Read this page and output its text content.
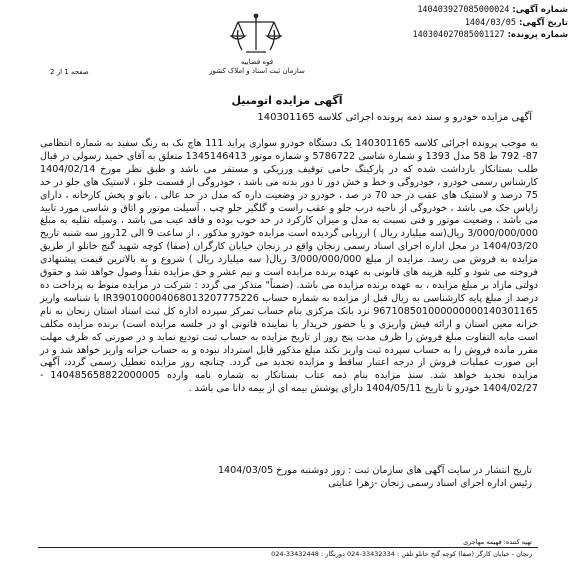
شماره آگهی: 140403927085000024
تاریخ آگهی: 1404/03/05
شماره پرونده: 140304027085001127
قوه قضاییه
سازمان ثبت اسناد و املاک کشور
صفحه 1 از 2
آگهی مزایده اتومبیل
آگهی مزایده خودرو و سند ذمه پرونده اجرائی کلاسه 140301165

به موجب پرونده اجرائی کلاسه 140301165 یک دستگاه خودرو سواری پراید 111 هاچ بک به رنگ سفید به شماره انتظامی 87- 792 ط 58 مدل 1393 و شماره شاسی 5786722 و شماره موتور 1345146413 متعلق به آقای حمید رسولی در قبال طلب بستانکار بازداشت شده که در پارکینگ حامی توقیف ورزیکی و مستقر می باشد و طبق نظر مورخ 1404/02/14 کارشناس رسمی خودرو ، خودروگی و خط و خش دور تا دور بدنه می باشد ، خودروگی از قسمت جلو ، لاستیک های جلو در حد 75 درصد و لاستیک های عقب در حد 70 در صد ، خودرو در وضعیت داره که مدل در حد عالی ، باتو و پخش کارخانه ، دارای زاپاس جک می باشد ، خودروگی از ناحیه درب جلو و عقب راست و گلگیر جلو چپ ، آسیلت موتور و اتاق و شاسی مورد تایید می باشد ، وضعیت موتور و فنی نسبت به مدل و میزان کارکرد در حد خوب بوده و فاقد عیب می باشد ، وسیله نقلیه به مبلغ 3/000/000/000 ریال(سه میلیارد ریال ) ارزیابی گردیده است مزایده خودرو مذکور ، از ساعت 9 الی 12روز سه شنبه تاریخ 1404/03/20 در محل اداره اجرای اسناد رسمی زنجان واقع در زنجان خیابان کارگران (صفا) کوچه شهید گنج خانلو از طریق مزایده به فروش می رسد. مزایده از مبلغ 3/000/000/000 ریال( سه میلیارد ریال ) شروع و به بالاترین قیمت پیشنهادی فروخته می شود و کلیه هزینه های قانونی به عهده برنده مزایده است و نیم عشر و حق مزایده نقداً وصول خواهد شد و حقوق دولتی مازاد بر مبلغ مزایده ، به عهده برنده مزایده می باشد. (ضمناً" متذکر می گردد : شرکت در مزایده منوط به پرداخت ده درصد از مبلغ پایه کارشناسی به ریال قبل از مزایده به شماره حساب IR390100004068013207775226 با شناسه واریز 967108501000000000140301165 نزد بانک مرکزی بنام حساب تمرکز سپرده اداره کل ثبت اسناد استان زنجان به نام خزانه معین استان و ارائه فیش واریزی و یا حضور خریدار یا نماینده قانونی او در جلسه مزایده است) برنده مزایده مکلف است مابه التفاوت مبلغ فروش را ظرف مدت پنج روز از تاریخ مزایده به حساب ثبت تودیع نماید و در صورتی که ظرف مهلت مقرر مانده فروش را به حساب سپرده ثبت واریز نکند مبلغ مذکور قابل استرداد نبوده و به حساب خزانه واریز خواهد شد و در این صورت عملیات فروش از درجه اعتبار ساقط و مزایده تجدید می گردد. چنانچه روز مزایده تعطیل رسمی گردد، آگهی مزایده تجدید خواهد شد. سند مزایده بنام ذمه عتاب بستانکار به شماره نامه وارده 140485658822000005 - 1404/02/27 خودرو تا تاریخ 1404/05/11 دارای پوشش بیمه ای از بیمه دانا می باشد .

تاریخ انتشار در سایت آگهی های سازمان ثبت : روز دوشنبه مورخ 1404/03/05
رئیس اداره اجرای اسناد رسمی زنجان -زهرا عنایتی
تهیه کننده: فهیمه مهاجری
زنجان - خیابان کارگر (صفا) کوچه گنج خانلو تلفن : 33432334-024 دورنگار : 33432448-024
